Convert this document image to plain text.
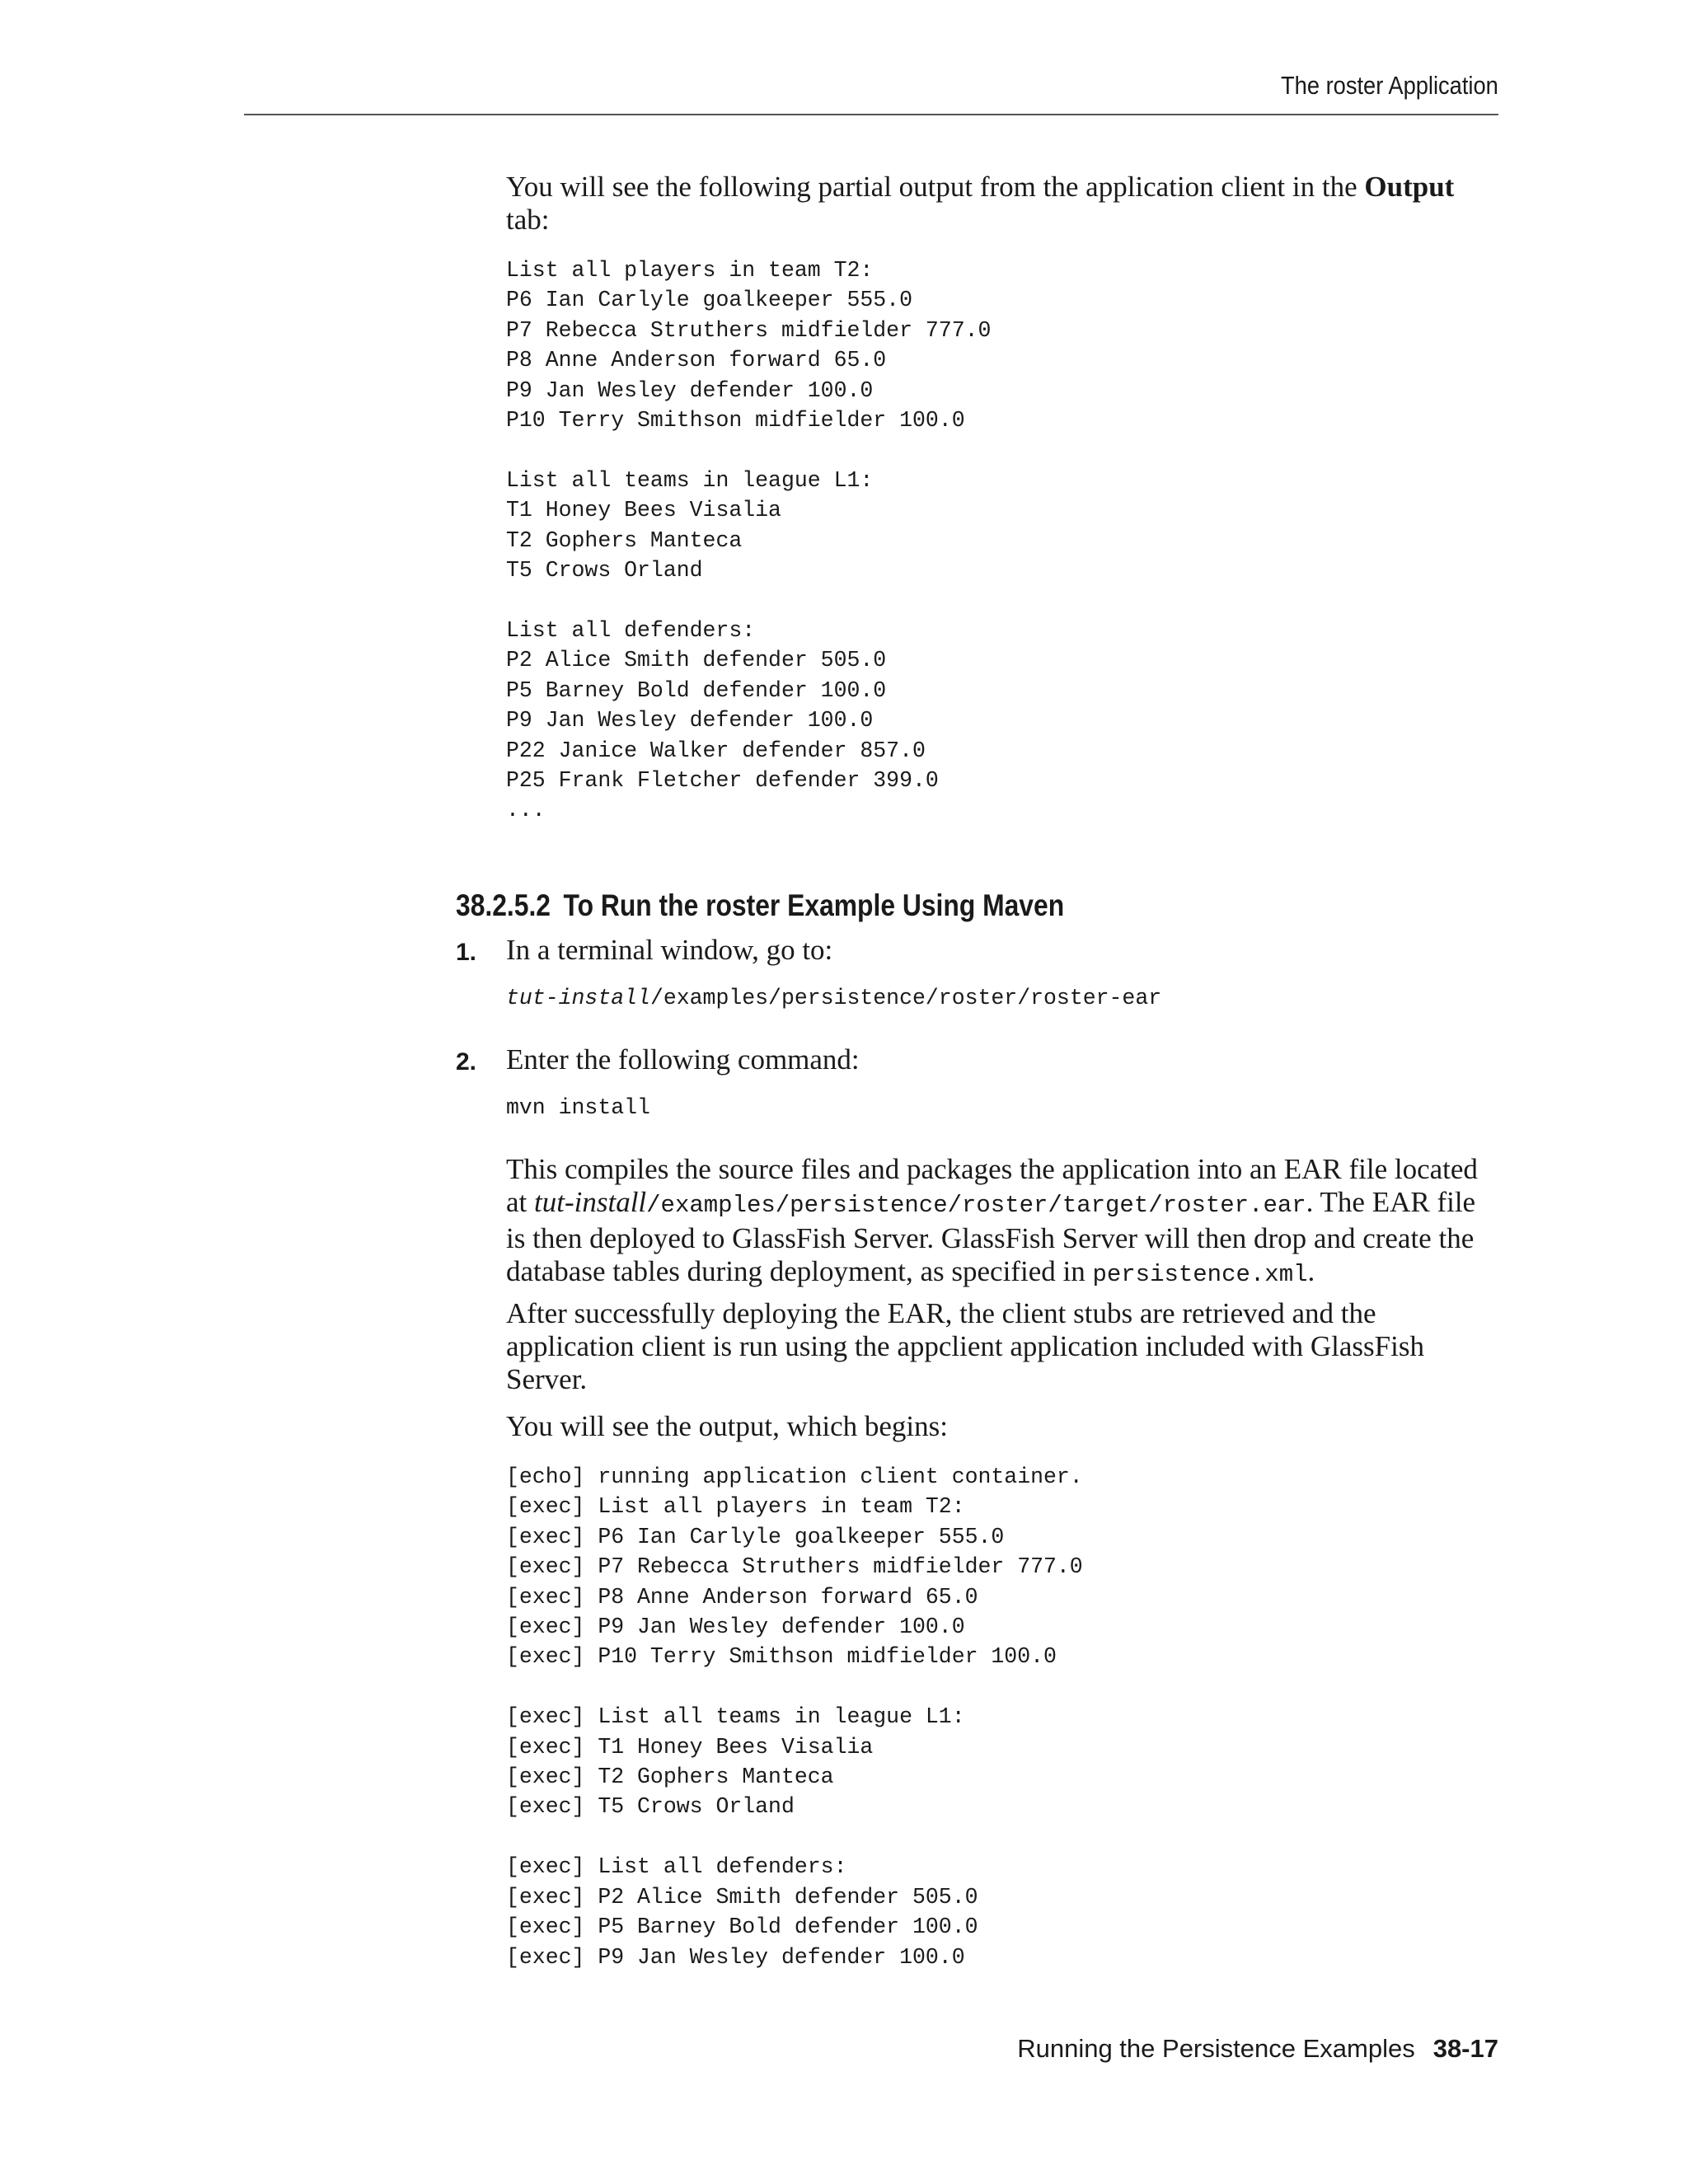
The roster Application

You will see the following partial output from the application client in the Output tab:

List all players in team T2:
P6 Ian Carlyle goalkeeper 555.0
P7 Rebecca Struthers midfielder 777.0
P8 Anne Anderson forward 65.0
P9 Jan Wesley defender 100.0
P10 Terry Smithson midfielder 100.0

List all teams in league L1:
T1 Honey Bees Visalia
T2 Gophers Manteca
T5 Crows Orland

List all defenders:
P2 Alice Smith defender 505.0
P5 Barney Bold defender 100.0
P9 Jan Wesley defender 100.0
P22 Janice Walker defender 857.0
P25 Frank Fletcher defender 399.0
...
38.2.5.2 To Run the roster Example Using Maven
1. In a terminal window, go to:

tut-install/examples/persistence/roster/roster-ear
2. Enter the following command:

mvn install

This compiles the source files and packages the application into an EAR file located at tut-install/examples/persistence/roster/target/roster.ear. The EAR file is then deployed to GlassFish Server. GlassFish Server will then drop and create the database tables during deployment, as specified in persistence.xml.

After successfully deploying the EAR, the client stubs are retrieved and the application client is run using the appclient application included with GlassFish Server.

You will see the output, which begins:

[echo] running application client container.
[exec] List all players in team T2:
[exec] P6 Ian Carlyle goalkeeper 555.0
[exec] P7 Rebecca Struthers midfielder 777.0
[exec] P8 Anne Anderson forward 65.0
[exec] P9 Jan Wesley defender 100.0
[exec] P10 Terry Smithson midfielder 100.0

[exec] List all teams in league L1:
[exec] T1 Honey Bees Visalia
[exec] T2 Gophers Manteca
[exec] T5 Crows Orland

[exec] List all defenders:
[exec] P2 Alice Smith defender 505.0
[exec] P5 Barney Bold defender 100.0
[exec] P9 Jan Wesley defender 100.0
Running the Persistence Examples 38-17
